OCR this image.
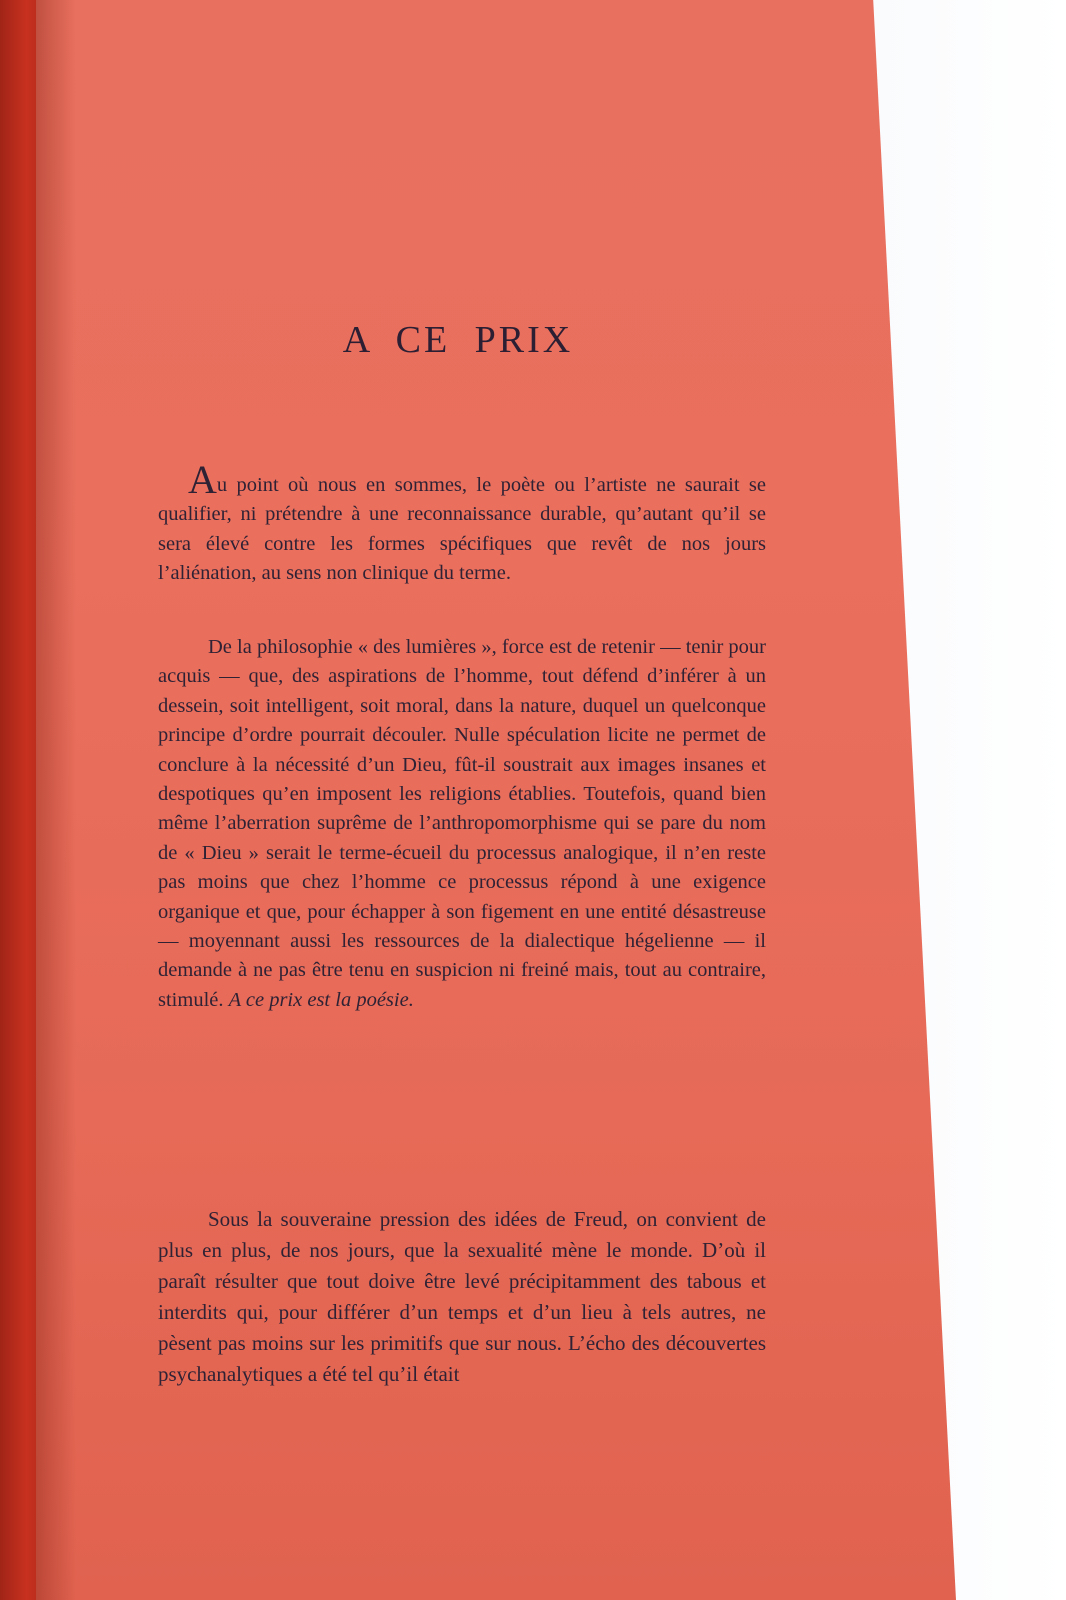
A CE PRIX

Au point où nous en sommes, le poète ou l’artiste ne saurait se qualifier, ni prétendre à une reconnaissance durable, qu’autant qu’il se sera élevé contre les formes spécifiques que revêt de nos jours l’aliénation, au sens non clinique du terme.

De la philosophie « des lumières », force est de retenir — tenir pour acquis — que, des aspirations de l’homme, tout défend d’inférer à un dessein, soit intelligent, soit moral, dans la nature, duquel un quelconque principe d’ordre pourrait découler. Nulle spéculation licite ne permet de conclure à la nécessité d’un Dieu, fût-il soustrait aux images insanes et despotiques qu’en imposent les religions établies. Toutefois, quand bien même l’aberration suprême de l’anthropomorphisme qui se pare du nom de « Dieu » serait le terme-écueil du processus analogique, il n’en reste pas moins que chez l’homme ce processus répond à une exigence organique et que, pour échapper à son figement en une entité désastreuse — moyennant aussi les ressources de la dialectique hégelienne — il demande à ne pas être tenu en suspicion ni freiné mais, tout au contraire, stimulé. A ce prix est la poésie.

Sous la souveraine pression des idées de Freud, on convient de plus en plus, de nos jours, que la sexualité mène le monde. D’où il paraît résulter que tout doive être levé précipitamment des tabous et interdits qui, pour différer d’un temps et d’un lieu à tels autres, ne pèsent pas moins sur les primitifs que sur nous. L’écho des découvertes psychanalytiques a été tel qu’il était
